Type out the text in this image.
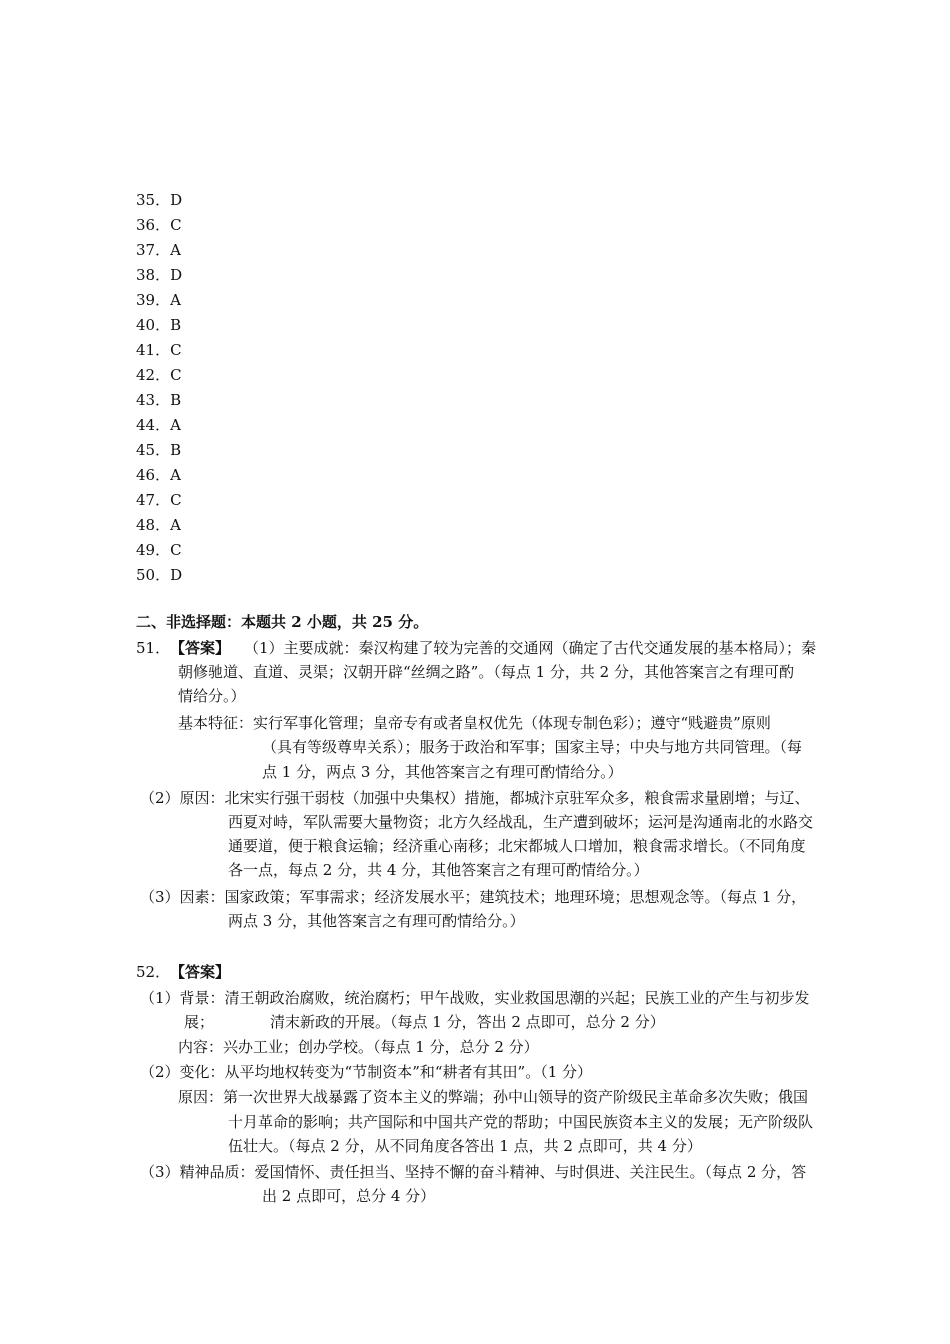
35．D
36．C
37．A
38．D
39．A
40．B
41．C
42．C
43．B
44．A
45．B
46．A
47．C
48．A
49．C
50．D
二、非选择题：本题共 2 小题，共 25 分。
51． 【答案】 （1）主要成就：秦汉构建了较为完善的交通网（确定了古代交通发展的基本格局）；秦
朝修驰道、直道、灵渠；汉朝开辟“丝绸之路”。（每点 1 分，共 2 分，其他答案言之有理可酌
情给分。）
基本特征：实行军事化管理；皇帝专有或者皇权优先（体现专制色彩）；遵守“贱避贵”原则
（具有等级尊卑关系）；服务于政治和军事；国家主导；中央与地方共同管理。（每
点 1 分，两点 3 分，其他答案言之有理可酌情给分。）
（2）原因：北宋实行强干弱枝（加强中央集权）措施，都城汴京驻军众多，粮食需求量剧增；与辽、
西夏对峙，军队需要大量物资；北方久经战乱，生产遭到破坏；运河是沟通南北的水路交
通要道，便于粮食运输；经济重心南移；北宋都城人口增加，粮食需求增长。（不同角度
各一点，每点 2 分，共 4 分，其他答案言之有理可酌情给分。）
（3）因素：国家政策；军事需求；经济发展水平；建筑技术；地理环境；思想观念等。（每点 1 分，
两点 3 分，其他答案言之有理可酌情给分。）
52． 【答案】
（1）背景：清王朝政治腐败，统治腐朽；甲午战败，实业救国思潮的兴起；民族工业的产生与初步发
展；	清末新政的开展。（每点 1 分，答出 2 点即可，总分 2 分）
内容：兴办工业；创办学校。（每点 1 分，总分 2 分）
（2）变化：从平均地权转变为“节制资本”和“耕者有其田”。（1 分）
原因：第一次世界大战暴露了资本主义的弊端；孙中山领导的资产阶级民主革命多次失败；俄国
十月革命的影响；共产国际和中国共产党的帮助；中国民族资本主义的发展；无产阶级队
伍壮大。（每点 2 分，从不同角度各答出 1 点，共 2 点即可，共 4 分）
（3）精神品质：爱国情怀、责任担当、坚持不懈的奋斗精神、与时俱进、关注民生。（每点 2 分，答
出 2 点即可，总分 4 分）
